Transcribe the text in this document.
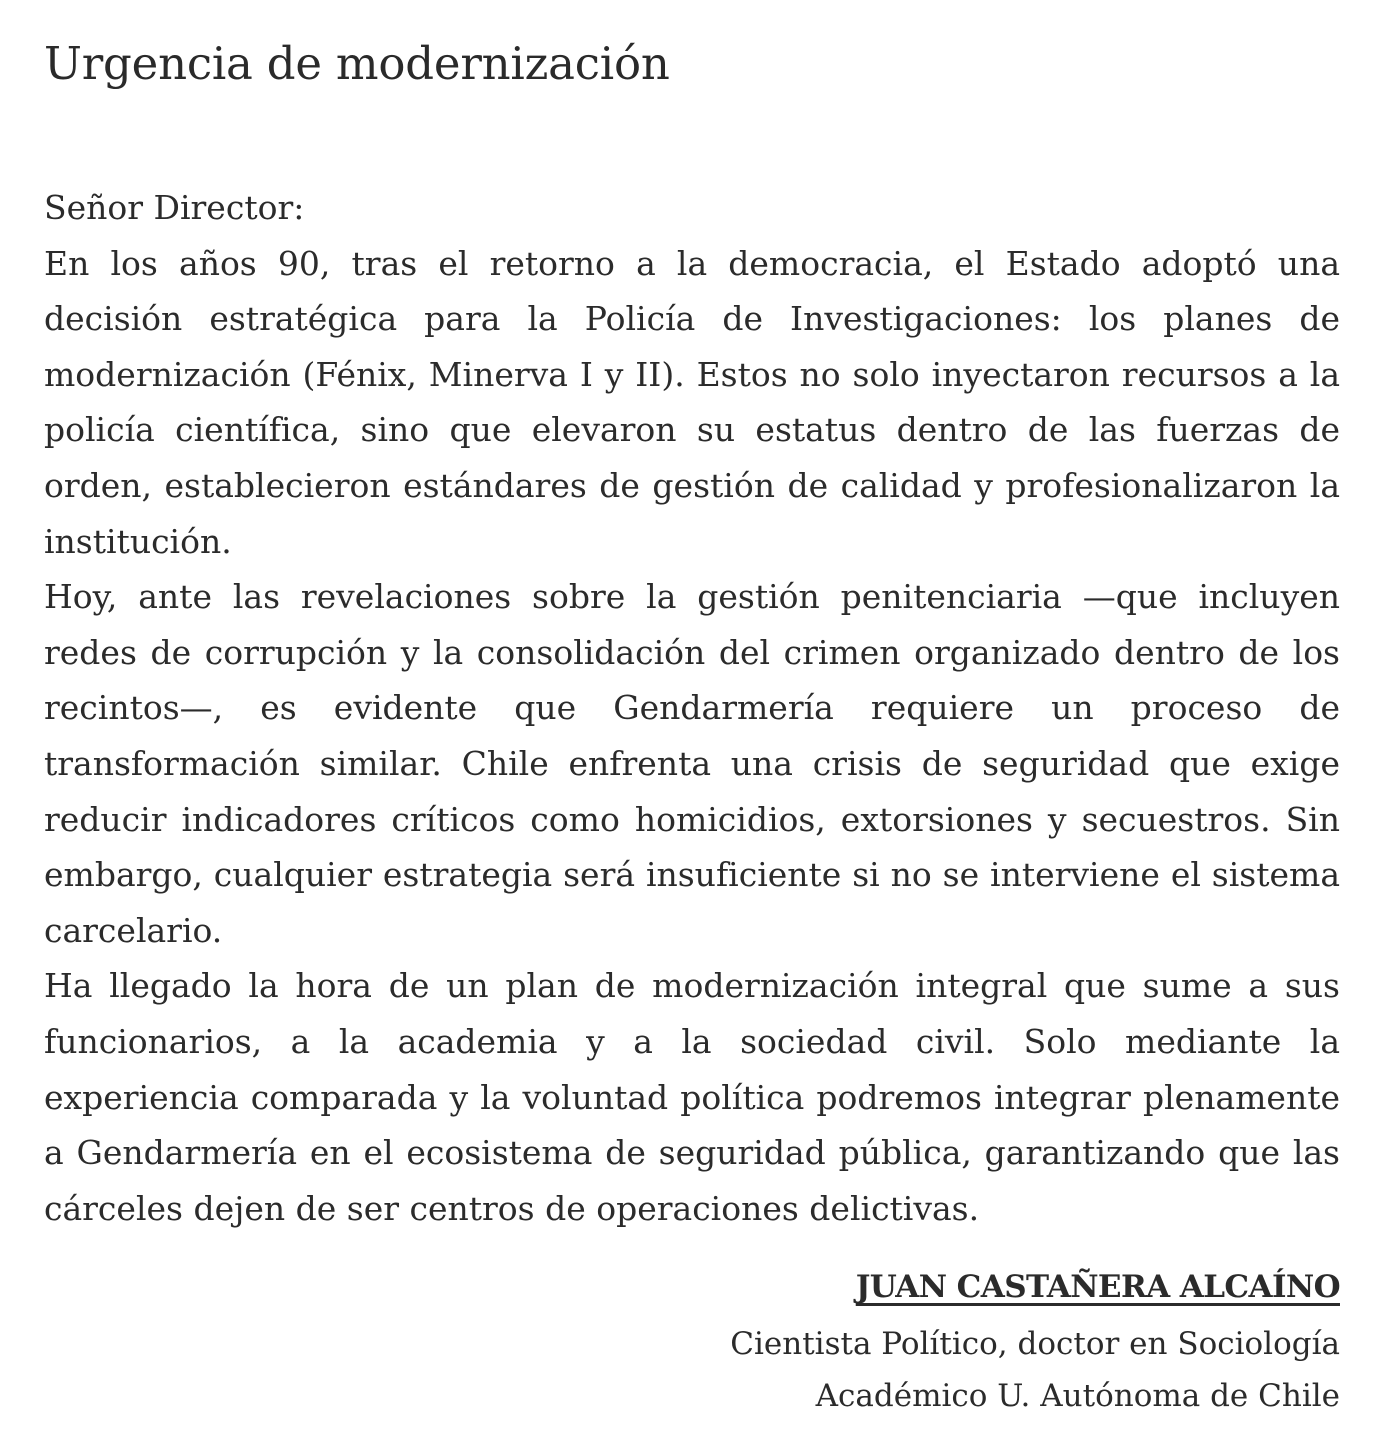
Urgencia de modernización

Señor Director:

En los años 90, tras el retorno a la democracia, el Estado adoptó una decisión estratégica para la Policía de Investigaciones: los planes de modernización (Fénix, Minerva I y II). Estos no solo inyectaron recursos a la policía científica, sino que elevaron su estatus dentro de las fuerzas de orden, establecieron estándares de gestión de calidad y profesionalizaron la institución.

Hoy, ante las revelaciones sobre la gestión penitenciaria —que incluyen redes de corrupción y la consolidación del crimen organizado dentro de los recintos—, es evidente que Gendarmería requiere un proceso de transformación similar. Chile enfrenta una crisis de seguridad que exige reducir indicadores críticos como homicidios, extorsiones y secuestros. Sin embargo, cualquier estrategia será insuficiente si no se interviene el sistema carcelario.

Ha llegado la hora de un plan de modernización integral que sume a sus funcionarios, a la academia y a la sociedad civil. Solo mediante la experiencia comparada y la voluntad política podremos integrar plenamente a Gendarmería en el ecosistema de seguridad pública, garantizando que las cárceles dejen de ser centros de operaciones delictivas.

JUAN CASTAÑERA ALCAÍNO
Cientista Político, doctor en Sociología
Académico U. Autónoma de Chile
